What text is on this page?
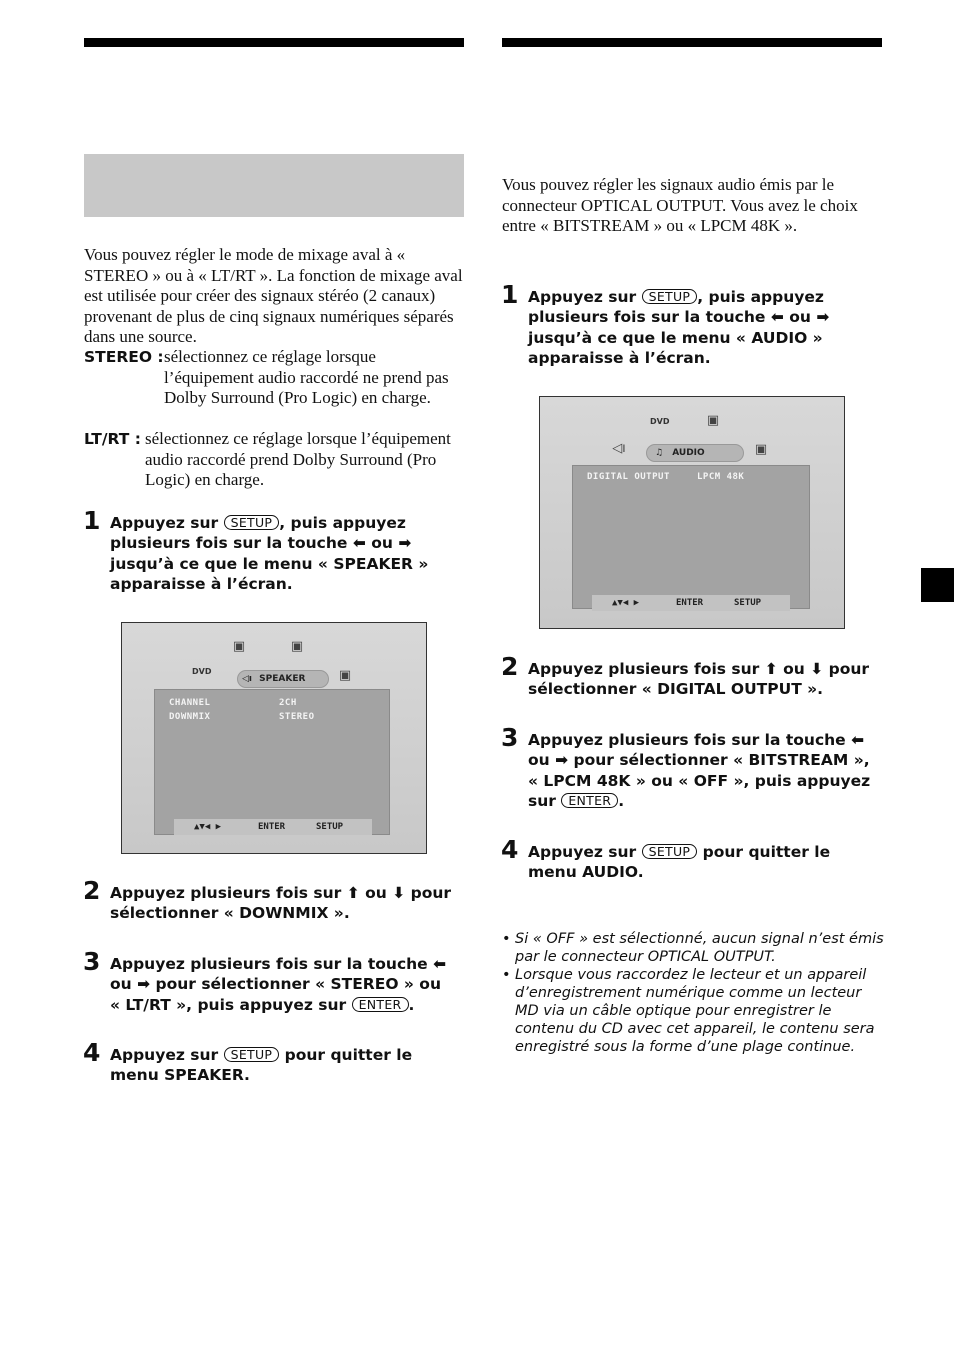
Vous pouvez régler le mode de mixage aval à « STEREO » ou à « LT/RT ». La fonction de mixage aval est utilisée pour créer des signaux stéréo (2 canaux) provenant de plus de cinq signaux numériques séparés dans une source.
STEREO : sélectionnez ce réglage lorsque l’équipement audio raccordé ne prend pas Dolby Surround (Pro Logic) en charge.
LT/RT : sélectionnez ce réglage lorsque l’équipement audio raccordé prend Dolby Surround (Pro Logic) en charge.
1 Appuyez sur SETUP , puis appuyez plusieurs fois sur la touche ⬅ ou ➡ jusqu’à ce que le menu « SPEAKER » apparaisse à l’écran.
▣	▣
DVD
◁ı SPEAKER	▣
CHANNEL	2CH
DOWNMIX	STEREO
▲▼◀ ▶	ENTER	SETUP
2 Appuyez plusieurs fois sur ⬆ ou ⬇ pour sélectionner « DOWNMIX ».
3 Appuyez plusieurs fois sur la touche ⬅ ou ➡ pour sélectionner « STEREO » ou « LT/RT », puis appuyez sur ENTER .
4 Appuyez sur SETUP pour quitter le menu SPEAKER.
Vous pouvez régler les signaux audio émis par le connecteur OPTICAL OUTPUT. Vous avez le choix entre « BITSTREAM » ou « LPCM 48K ».
1 Appuyez sur SETUP , puis appuyez plusieurs fois sur la touche ⬅ ou ➡ jusqu’à ce que le menu « AUDIO » apparaisse à l’écran.
DVD	▣
◁ı	♫ AUDIO	▣
DIGITAL OUTPUT	LPCM 48K
▲▼◀ ▶	ENTER	SETUP
2 Appuyez plusieurs fois sur ⬆ ou ⬇ pour sélectionner « DIGITAL OUTPUT ».
3 Appuyez plusieurs fois sur la touche ⬅ ou ➡ pour sélectionner « BITSTREAM », « LPCM 48K » ou « OFF », puis appuyez sur ENTER .
4 Appuyez sur SETUP pour quitter le menu AUDIO.
• Si « OFF » est sélectionné, aucun signal n’est émis par le connecteur OPTICAL OUTPUT.
• Lorsque vous raccordez le lecteur et un appareil d’enregistrement numérique comme un lecteur MD via un câble optique pour enregistrer le contenu du CD avec cet appareil, le contenu sera enregistré sous la forme d’une plage continue.
